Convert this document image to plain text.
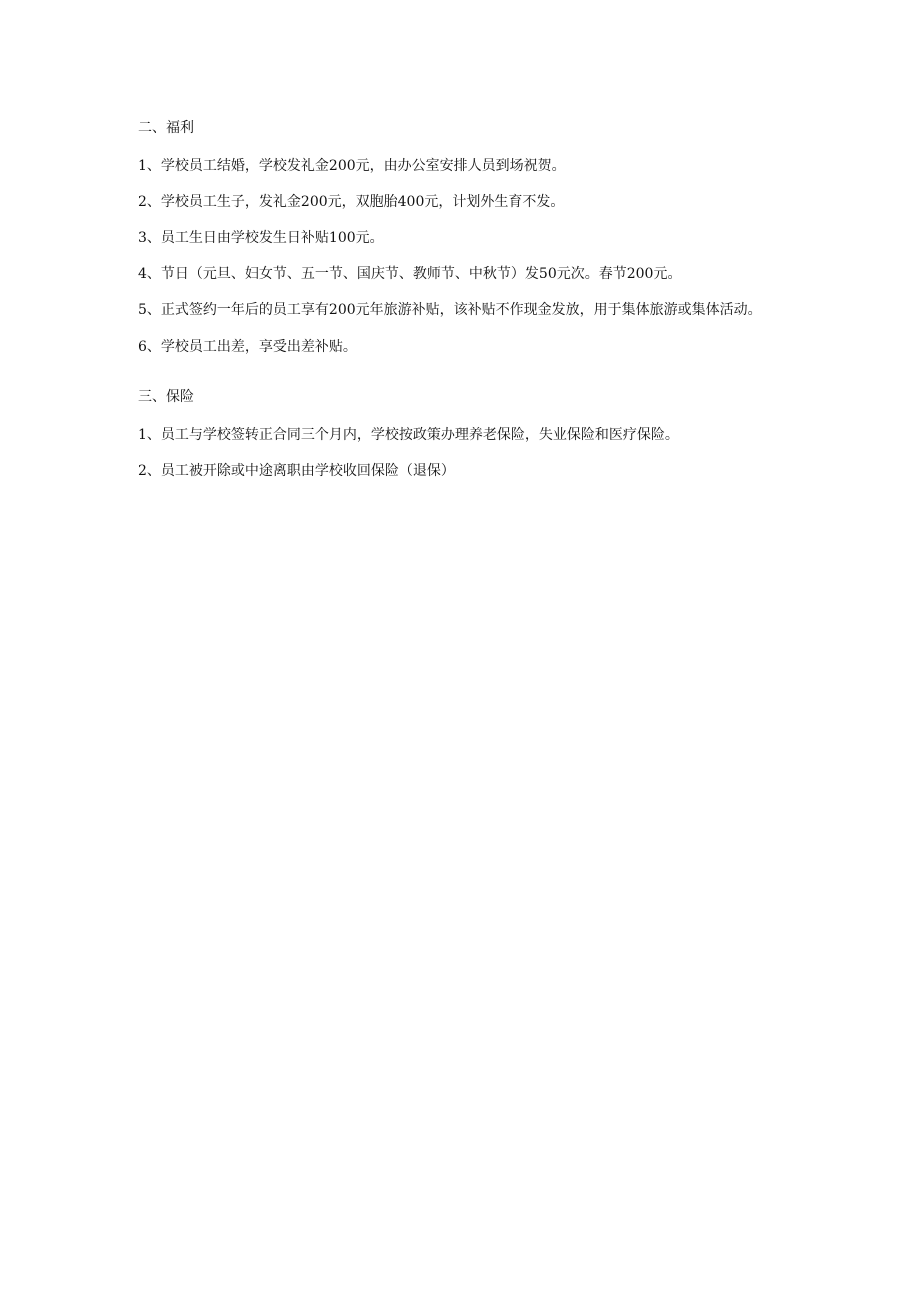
二、福利
1、学校员工结婚，学校发礼金200元，由办公室安排人员到场祝贺。
2、学校员工生子，发礼金200元，双胞胎400元，计划外生育不发。
3、员工生日由学校发生日补贴100元。
4、节日（元旦、妇女节、五一节、国庆节、教师节、中秋节）发50元次。春节200元。
5、正式签约一年后的员工享有200元年旅游补贴，该补贴不作现金发放，用于集体旅游或集体活动。
6、学校员工出差，享受出差补贴。
三、保险
1、员工与学校签转正合同三个月内，学校按政策办理养老保险，失业保险和医疗保险。
2、员工被开除或中途离职由学校收回保险（退保）
